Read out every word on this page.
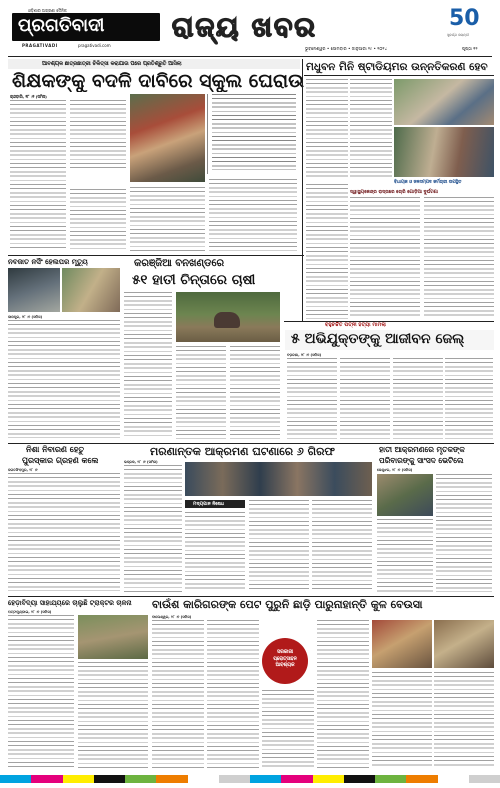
ଓଡ଼ିଶାର ଅଗ୍ରଣୀ ଦୈନିକ
ପ୍ରଗତିବାଦୀ
PRAGATIVADI	pragativadi.com
ରାଜ୍ୟ ଖବର	50
ସୁବର୍ଣ୍ଣ ଜୟନ୍ତୀ
ଭୁବନେଶ୍ୱର • ସୋମବାର • ଜାନୁଆରୀ ୨୯ • ୨୦୨୪	ପୃଷ୍ଠା ୧୨
ଆବଶ୍ୟକ ଛାତ୍ରଛାତ୍ରୀ ଚିକିତ୍ସା କରାଯାଉ ପରେ ପ୍ରତିଶ୍ରୁତି ଆସିଲା
ଶିକ୍ଷକଙ୍କୁ ବଦଳି ଦାବିରେ ସ୍କୁଲ ଘେରାଉ
ଚାନ୍ଦବାଲି, ୨୮ ।୧ (ସମିସ)
ମଧୁବନ ମିନି ଷ୍ଟାଡିୟମର ଉନ୍ନତିକରଣ ହେବ
ବିଧାୟକ ଓ ଜଳସମ୍ପଦ କର୍ମଚାରୀ ଉପସ୍ଥିତ
ସ୍ୱାସ୍ଥ୍ୟକେନ୍ଦ୍ର ରାସ୍ତାରେ ଚୋରି ଗୋଡ଼ିଆ ଦୁର୍ଘଟଣା
ନବଜାତ ନର୍ସିଂ ହେଲପର ମୃତ୍ୟୁ
ଜାଜପୁର, ୨୮ ।୧ (ସମିସ)
କରଞ୍ଜିଆ ବନଖଣ୍ଡରେ
୫୧ ହାତୀ ଚିନ୍ତାରେ ଚାଷୀ
ବହୁଚର୍ଚ୍ଚିତ ପତ୍ନୀ ହତ୍ୟା ମାମଲା
୫ ଅଭିଯୁକ୍ତଙ୍କୁ ଆଜୀବନ ଜେଲ୍
ବଡ଼ଚଣା, ୨୮ ।୧ (ସମିସ)
ନିଶା ନିବାରଣ ହେତୁ
ପୁରସ୍କାର ଗ୍ରହଣ କଲେ
ଜଗତସିଂହପୁର, ୨୮ ।୧
ମରଣାନ୍ତକ ଆକ୍ରମଣ ଘଟଣାରେ ୬ ଗିରଫ
ଭଦ୍ରକ, ୨୮ ।୧ (ସମିସ)
ମଦ୍ୟପାନ ନିଷେଧ
ହାତୀ ଆକ୍ରମଣରେ ମୃତକଙ୍କ
ପରିବାରଙ୍କୁ ସାଂସଦ ଭେଟିଲେ
କେନ୍ଦୁଝର, ୨୮ ।୧ (ସମିସ)
ହେଡ଼ାବିଦ୍ୟା ସାହାଯ୍ୟରେ ଚାଲୁଛି ଟ୍ରାକ୍ଟର ଚାଳନା
ପଟ୍ଟାମୁଣ୍ଡାଇ, ୨୮ ।୧ (ସମିସ)
ବାଉଁଶ କାରିଗରଙ୍କ ପେଟ ପୁରୁନି ଛାଡ଼ି ପାରୁନାହାନ୍ତି କୁଳ ବେଉସା
ବାଲେଶ୍ୱର, ୨୮ ।୧ (ସମିସ)
ସରକାରୀ ପ୍ରୋତ୍ସାହନ ଆବଶ୍ୟକ
